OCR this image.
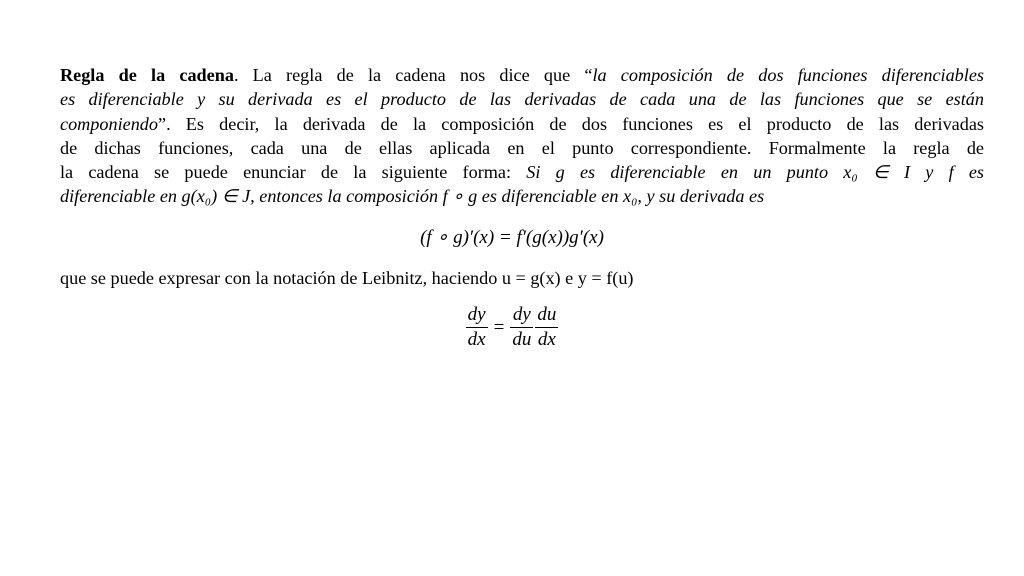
Regla de la cadena. La regla de la cadena nos dice que “la composición de dos funciones diferenciables
es diferenciable y su derivada es el producto de las derivadas de cada una de las funciones que se están
componiendo”. Es decir, la derivada de la composición de dos funciones es el producto de las derivadas
de dichas funciones, cada una de ellas aplicada en el punto correspondiente. Formalmente la regla de
la cadena se puede enunciar de la siguiente forma: Si g es diferenciable en un punto x₀ ∈ I y f es
diferenciable en g(x₀) ∈ J, entonces la composición f ∘ g es diferenciable en x₀, y su derivada es
(f ∘ g)′(x) = f′(g(x))g′(x)
que se puede expresar con la notación de Leibnitz, haciendo u = g(x) e y = f(u)
$\frac{dy}{dx} = \frac{dy}{du} \frac{du}{dx}$
